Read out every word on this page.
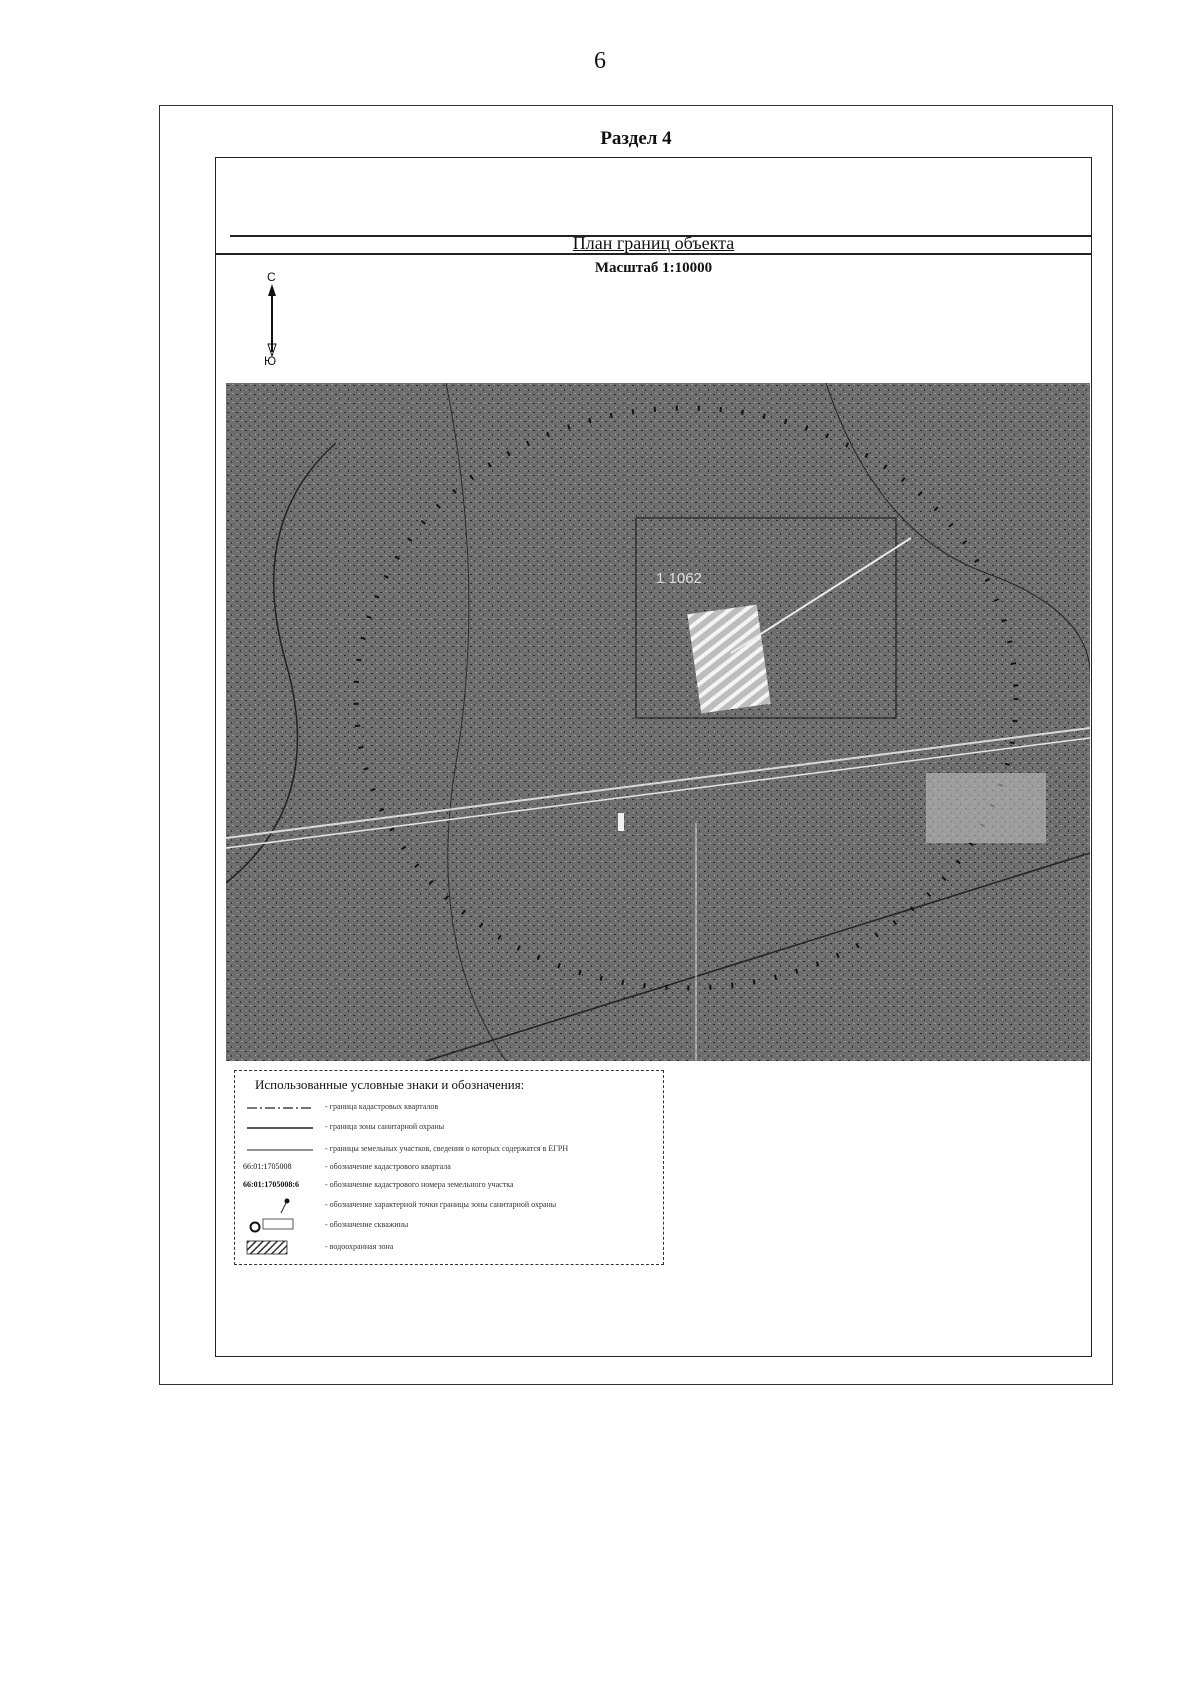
6
Раздел 4
План границ объекта
Масштаб 1:10000
С
Ю
1 1062
Использованные условные знаки и обозначения:
- граница кадастровых кварталов
- граница зоны санитарной охраны
- границы земельных участков, сведения о которых содержатся в ЕГРН
66:01:1705008	- обозначение кадастрового квартала
66:01:1705008:6	- обозначение кадастрового номера земельного участка
- обозначение характерной точки границы зоны санитарной охраны
- обозначение скважины
- водоохранная зона
